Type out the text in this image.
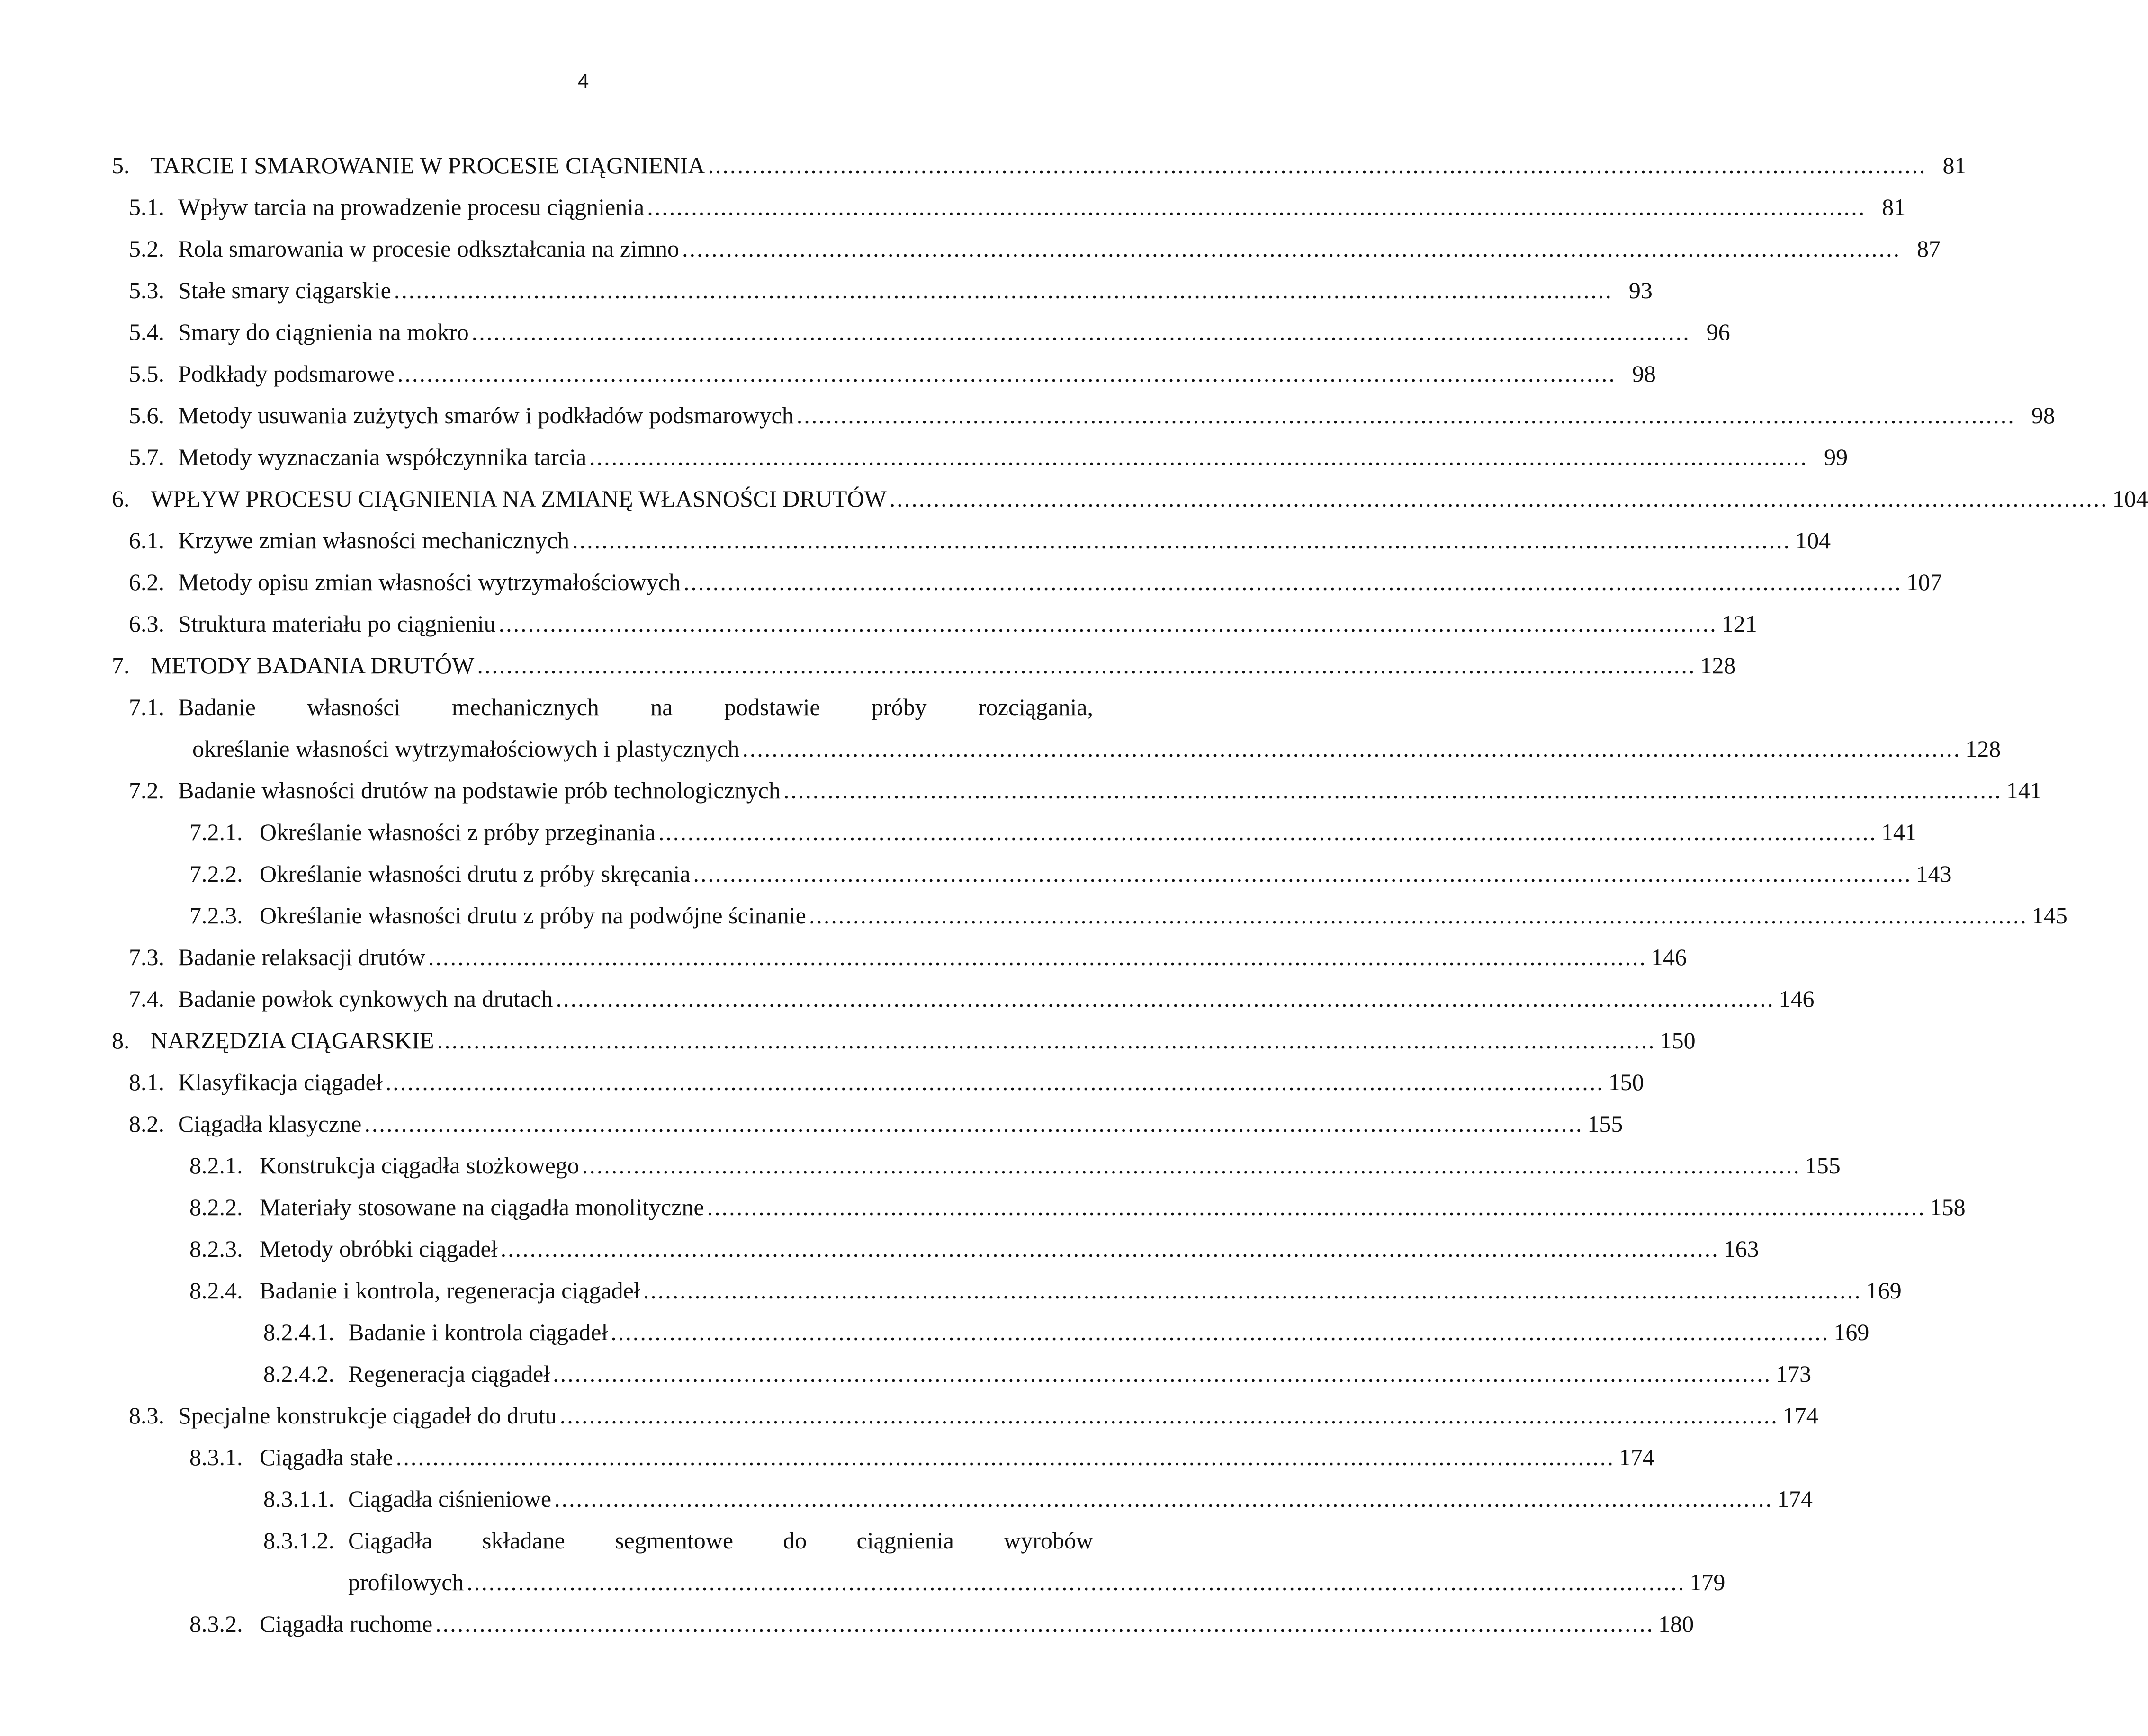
4
5. TARCIE I SMAROWANIE W PROCESIE CIĄGNIENIA ...................................................................................................................................................................... 81
5.1. Wpływ tarcia na prowadzenie procesu ciągnienia ...................................................................................................................................................................... 81
5.2. Rola smarowania w procesie odkształcania na zimno ...................................................................................................................................................................... 87
5.3. Stałe smary ciągarskie ...................................................................................................................................................................... 93
5.4. Smary do ciągnienia na mokro ...................................................................................................................................................................... 96
5.5. Podkłady podsmarowe ...................................................................................................................................................................... 98
5.6. Metody usuwania zużytych smarów i podkładów podsmarowych ...................................................................................................................................................................... 98
5.7. Metody wyznaczania współczynnika tarcia ...................................................................................................................................................................... 99
6. WPŁYW PROCESU CIĄGNIENIA NA ZMIANĘ WŁASNOŚCI DRUTÓW ...................................................................................................................................................................... 104
6.1. Krzywe zmian własności mechanicznych ...................................................................................................................................................................... 104
6.2. Metody opisu zmian własności wytrzymałościowych ...................................................................................................................................................................... 107
6.3. Struktura materiału po ciągnieniu ...................................................................................................................................................................... 121
7. METODY BADANIA DRUTÓW ...................................................................................................................................................................... 128
7.1. Badanie własności mechanicznych na podstawie próby rozciągania,
określanie własności wytrzymałościowych i plastycznych ...................................................................................................................................................................... 128
7.2. Badanie własności drutów na podstawie prób technologicznych ...................................................................................................................................................................... 141
7.2.1. Określanie własności z próby przeginania ...................................................................................................................................................................... 141
7.2.2. Określanie własności drutu z próby skręcania ...................................................................................................................................................................... 143
7.2.3. Określanie własności drutu z próby na podwójne ścinanie ...................................................................................................................................................................... 145
7.3. Badanie relaksacji drutów ...................................................................................................................................................................... 146
7.4. Badanie powłok cynkowych na drutach ...................................................................................................................................................................... 146
8. NARZĘDZIA CIĄGARSKIE ...................................................................................................................................................................... 150
8.1. Klasyfikacja ciągadeł ...................................................................................................................................................................... 150
8.2. Ciągadła klasyczne ...................................................................................................................................................................... 155
8.2.1. Konstrukcja ciągadła stożkowego ...................................................................................................................................................................... 155
8.2.2. Materiały stosowane na ciągadła monolityczne ...................................................................................................................................................................... 158
8.2.3. Metody obróbki ciągadeł ...................................................................................................................................................................... 163
8.2.4. Badanie i kontrola, regeneracja ciągadeł ...................................................................................................................................................................... 169
8.2.4.1. Badanie i kontrola ciągadeł ...................................................................................................................................................................... 169
8.2.4.2. Regeneracja ciągadeł ...................................................................................................................................................................... 173
8.3. Specjalne konstrukcje ciągadeł do drutu ...................................................................................................................................................................... 174
8.3.1. Ciągadła stałe ...................................................................................................................................................................... 174
8.3.1.1. Ciągadła ciśnieniowe ...................................................................................................................................................................... 174
8.3.1.2. Ciągadła składane segmentowe do ciągnienia wyrobów
profilowych ...................................................................................................................................................................... 179
8.3.2. Ciągadła ruchome ...................................................................................................................................................................... 180
